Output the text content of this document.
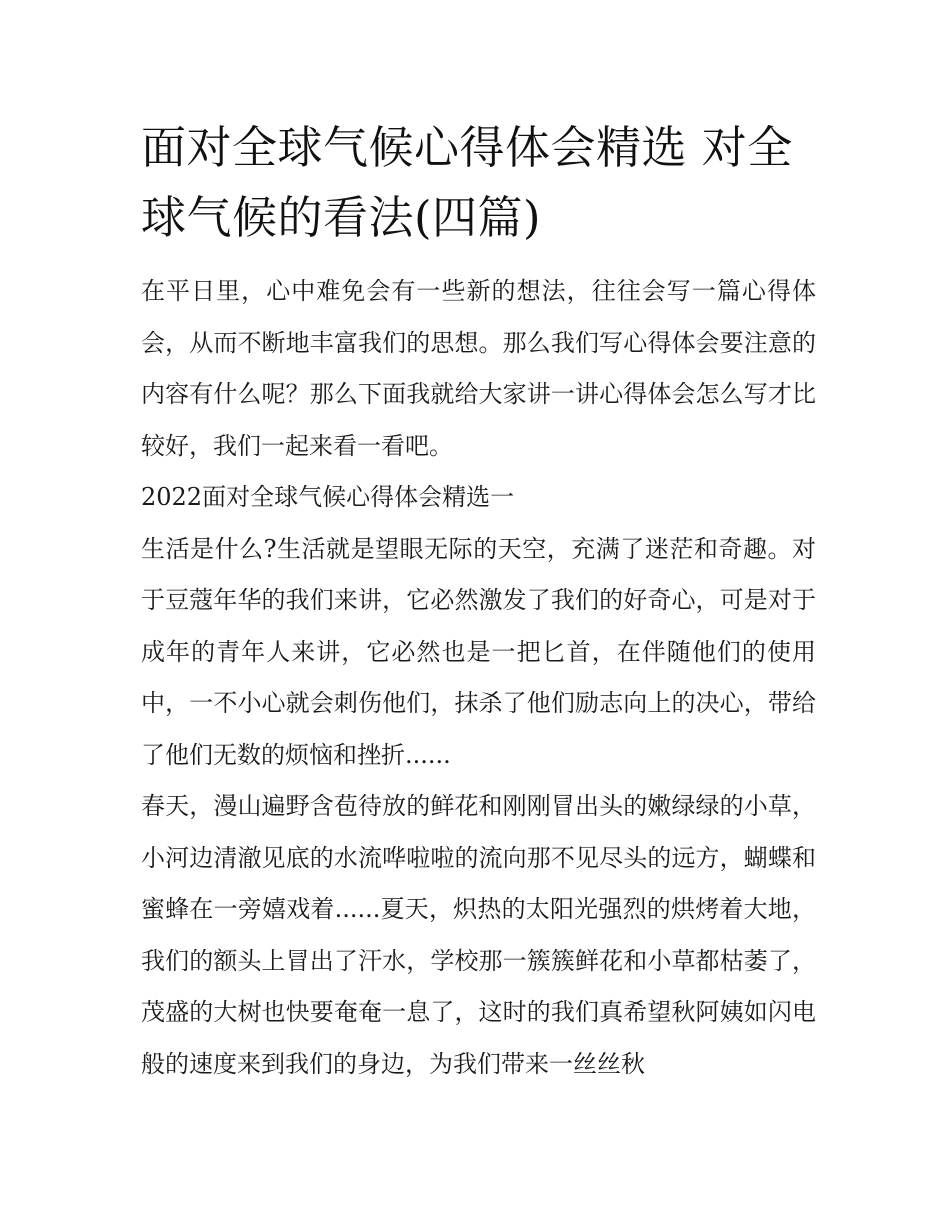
面对全球气候心得体会精选 对全球气候的看法(四篇)

在平日里，心中难免会有一些新的想法，往往会写一篇心得体会，从而不断地丰富我们的思想。那么我们写心得体会要注意的内容有什么呢？那么下面我就给大家讲一讲心得体会怎么写才比较好，我们一起来看一看吧。

2022面对全球气候心得体会精选一

生活是什么?生活就是望眼无际的天空，充满了迷茫和奇趣。对于豆蔻年华的我们来讲，它必然激发了我们的好奇心，可是对于成年的青年人来讲，它必然也是一把匕首，在伴随他们的使用中，一不小心就会刺伤他们，抹杀了他们励志向上的决心，带给了他们无数的烦恼和挫折......

春天，漫山遍野含苞待放的鲜花和刚刚冒出头的嫩绿绿的小草，小河边清澈见底的水流哗啦啦的流向那不见尽头的远方，蝴蝶和蜜蜂在一旁嬉戏着......夏天，炽热的太阳光强烈的烘烤着大地，我们的额头上冒出了汗水，学校那一簇簇鲜花和小草都枯萎了，茂盛的大树也快要奄奄一息了，这时的我们真希望秋阿姨如闪电般的速度来到我们的身边，为我们带来一丝丝秋
